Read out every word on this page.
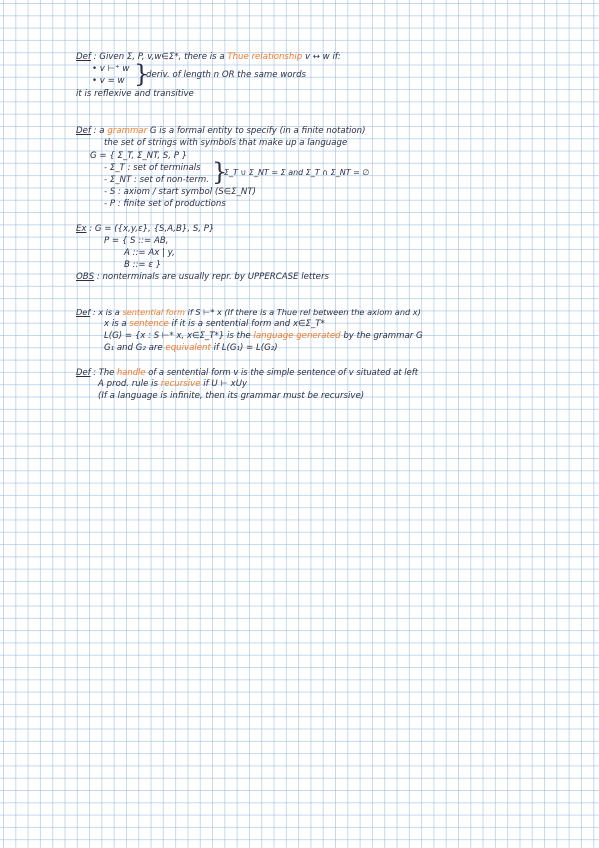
Def : Given Σ, P, v,w∈Σ*, there is a Thue relationship v ↔ w if:
• v ⊢⁺ w
• v = w }
deriv. of length n OR the same words
it is reflexive and transitive
Def : a grammar G is a formal entity to specify (in a finite notation)
the set of strings with symbols that make up a language
G = { Σ_T, Σ_NT, S, P }
- Σ_T : set of terminals
- Σ_NT : set of non-term. }
Σ_T ∪ Σ_NT = Σ and Σ_T ∩ Σ_NT = ∅
- S : axiom / start symbol (S∈Σ_NT)
- P : finite set of productions
Ex : G = ({x,y,ε}, {S,A,B}, S, P}
P = { S ::= AB,
A ::= Ax | y,
B ::= ε }
OBS : nonterminals are usually repr. by UPPERCASE letters
Def : x is a sentential form if S ⊢* x (If there is a Thue rel between the axiom and x)
x is a sentence if it is a sentential form and x∈Σ_T*
L(G) = {x : S ⊢* x, x∈Σ_T*} is the language generated by the grammar G
G₁ and G₂ are equivalent if L(G₁) = L(G₂)
Def : The handle of a sentential form v is the simple sentence of v situated at left
A prod. rule is recursive if U ⊢ xUy
(If a language is infinite, then its grammar must be recursive)
